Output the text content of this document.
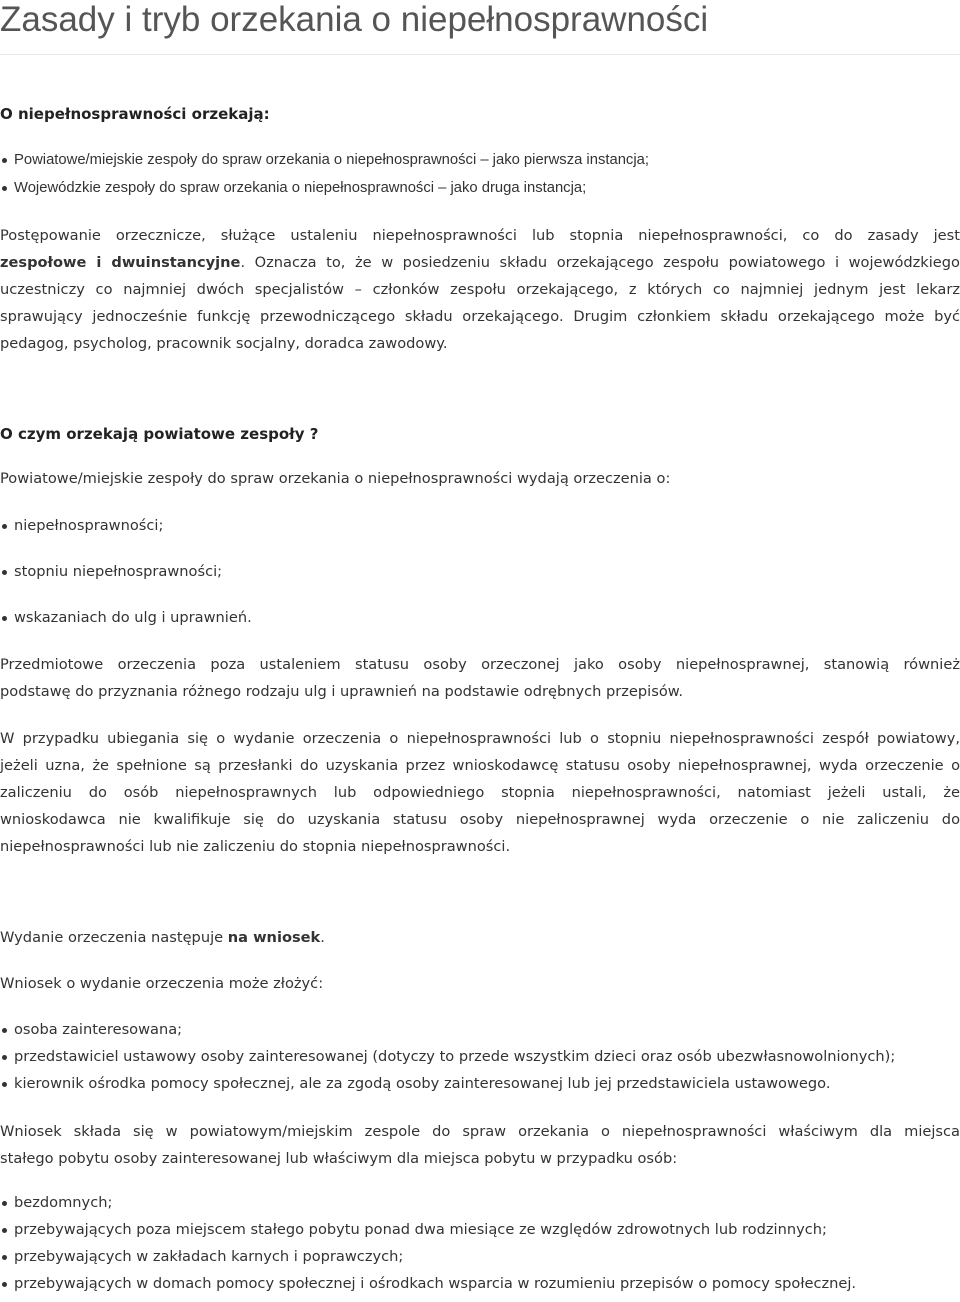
Zasady i tryb orzekania o niepełnosprawności
O niepełnosprawności orzekają:
Powiatowe/miejskie zespoły do spraw orzekania o niepełnosprawności – jako pierwsza instancja;
Wojewódzkie zespoły do spraw orzekania o niepełnosprawności – jako druga instancja;
Postępowanie orzecznicze, służące ustaleniu niepełnosprawności lub stopnia niepełnosprawności, co do zasady jest
zespołowe i dwuinstancyjne. Oznacza to, że w posiedzeniu składu orzekającego zespołu powiatowego i wojewódzkiego
uczestniczy co najmniej dwóch specjalistów – członków zespołu orzekającego, z których co najmniej jednym jest lekarz
sprawujący jednocześnie funkcję przewodniczącego składu orzekającego. Drugim członkiem składu orzekającego może być
pedagog, psycholog, pracownik socjalny, doradca zawodowy.
O czym orzekają powiatowe zespoły ?
Powiatowe/miejskie zespoły do spraw orzekania o niepełnosprawności wydają orzeczenia o:
niepełnosprawności;
stopniu niepełnosprawności;
wskazaniach do ulg i uprawnień.
Przedmiotowe orzeczenia poza ustaleniem statusu osoby orzeczonej jako osoby niepełnosprawnej, stanowią również
podstawę do przyznania różnego rodzaju ulg i uprawnień na podstawie odrębnych przepisów.
W przypadku ubiegania się o wydanie orzeczenia o niepełnosprawności lub o stopniu niepełnosprawności zespół powiatowy,
jeżeli uzna, że spełnione są przesłanki do uzyskania przez wnioskodawcę statusu osoby niepełnosprawnej, wyda orzeczenie o
zaliczeniu do osób niepełnosprawnych lub odpowiedniego stopnia niepełnosprawności, natomiast jeżeli ustali, że
wnioskodawca nie kwalifikuje się do uzyskania statusu osoby niepełnosprawnej wyda orzeczenie o nie zaliczeniu do
niepełnosprawności lub nie zaliczeniu do stopnia niepełnosprawności.
Wydanie orzeczenia następuje na wniosek.
Wniosek o wydanie orzeczenia może złożyć:
osoba zainteresowana;
przedstawiciel ustawowy osoby zainteresowanej (dotyczy to przede wszystkim dzieci oraz osób ubezwłasnowolnionych);
kierownik ośrodka pomocy społecznej, ale za zgodą osoby zainteresowanej lub jej przedstawiciela ustawowego.
Wniosek składa się w powiatowym/miejskim zespole do spraw orzekania o niepełnosprawności właściwym dla miejsca
stałego pobytu osoby zainteresowanej lub właściwym dla miejsca pobytu w przypadku osób:
bezdomnych;
przebywających poza miejscem stałego pobytu ponad dwa miesiące ze względów zdrowotnych lub rodzinnych;
przebywających w zakładach karnych i poprawczych;
przebywających w domach pomocy społecznej i ośrodkach wsparcia w rozumieniu przepisów o pomocy społecznej.
